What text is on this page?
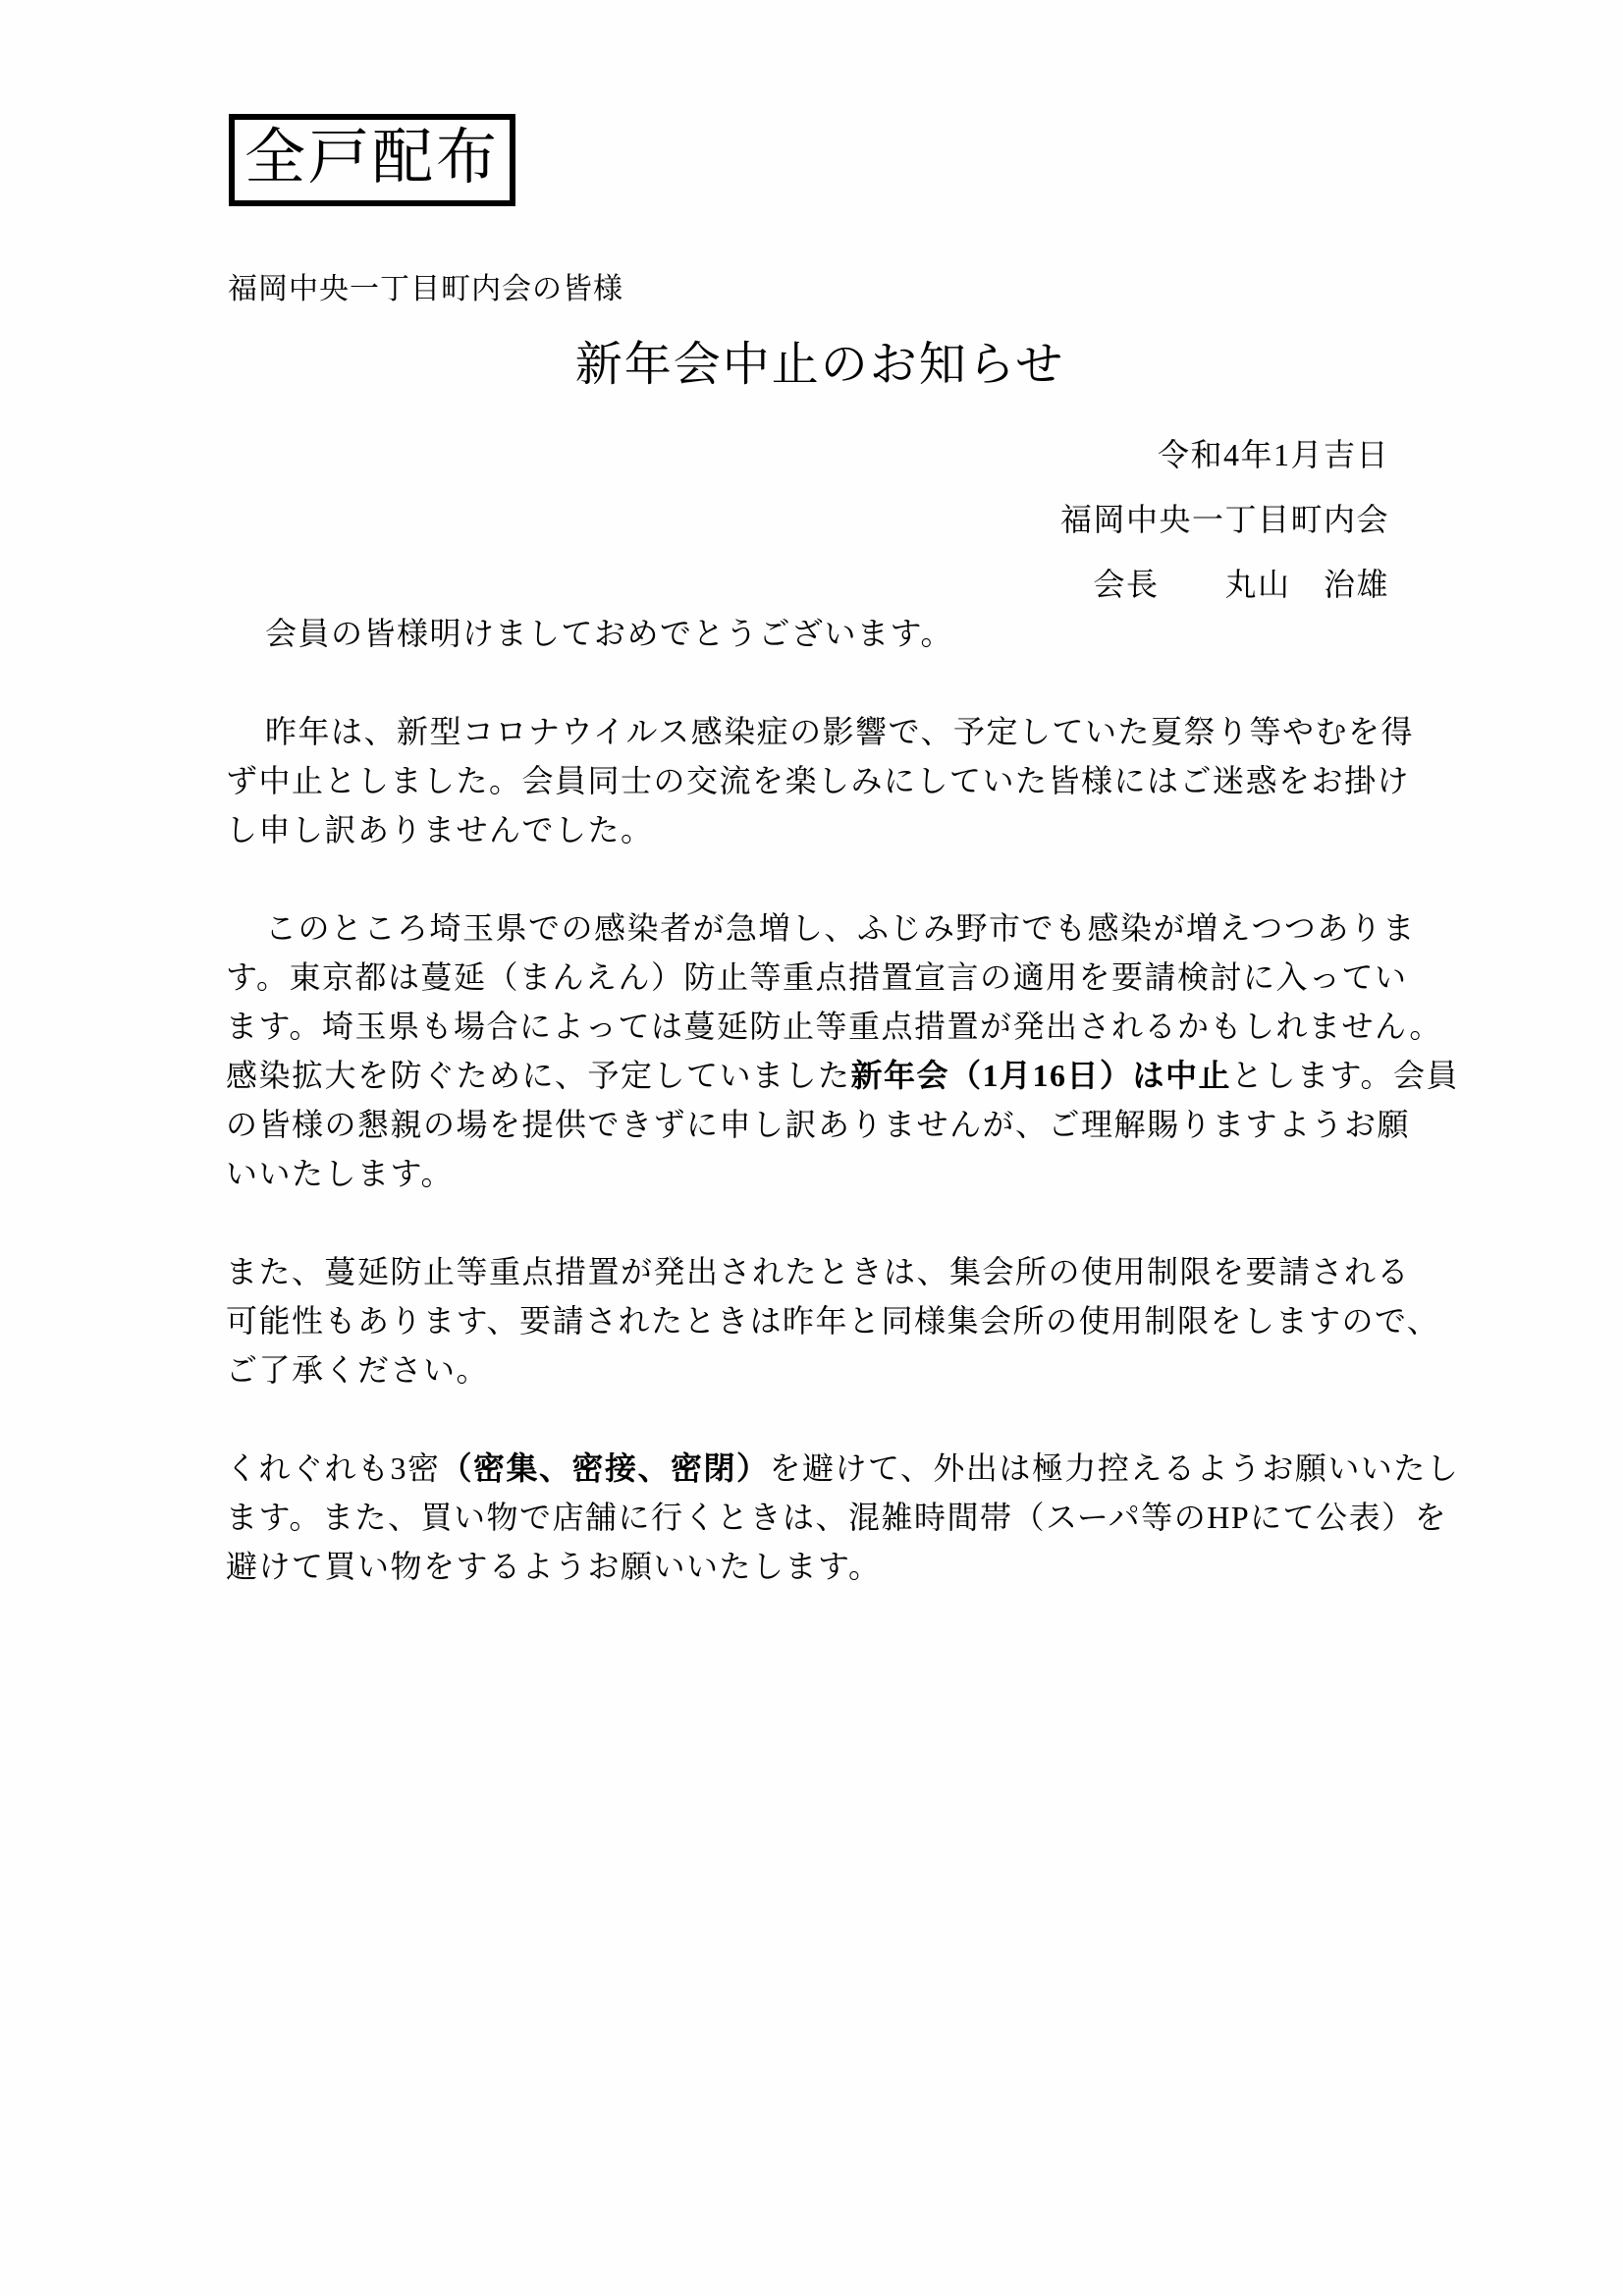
全戸配布
福岡中央一丁目町内会の皆様
新年会中止のお知らせ
令和4年1月吉日
福岡中央一丁目町内会
会長　　丸山　治雄
会員の皆様明けましておめでとうございます。
昨年は、新型コロナウイルス感染症の影響で、予定していた夏祭り等やむを得
ず中止としました。会員同士の交流を楽しみにしていた皆様にはご迷惑をお掛け
し申し訳ありませんでした。
このところ埼玉県での感染者が急増し、ふじみ野市でも感染が増えつつありま
す。東京都は蔓延（まんえん）防止等重点措置宣言の適用を要請検討に入ってい
ます。埼玉県も場合によっては蔓延防止等重点措置が発出されるかもしれません。
感染拡大を防ぐために、予定していました新年会（1月16日）は中止とします。会員
の皆様の懇親の場を提供できずに申し訳ありませんが、ご理解賜りますようお願
いいたします。
また、蔓延防止等重点措置が発出されたときは、集会所の使用制限を要請される
可能性もあります、要請されたときは昨年と同様集会所の使用制限をしますので、
ご了承ください。
くれぐれも3密（密集、密接、密閉）を避けて、外出は極力控えるようお願いいたし
ます。また、買い物で店舗に行くときは、混雑時間帯（スーパ等のHPにて公表）を
避けて買い物をするようお願いいたします。
